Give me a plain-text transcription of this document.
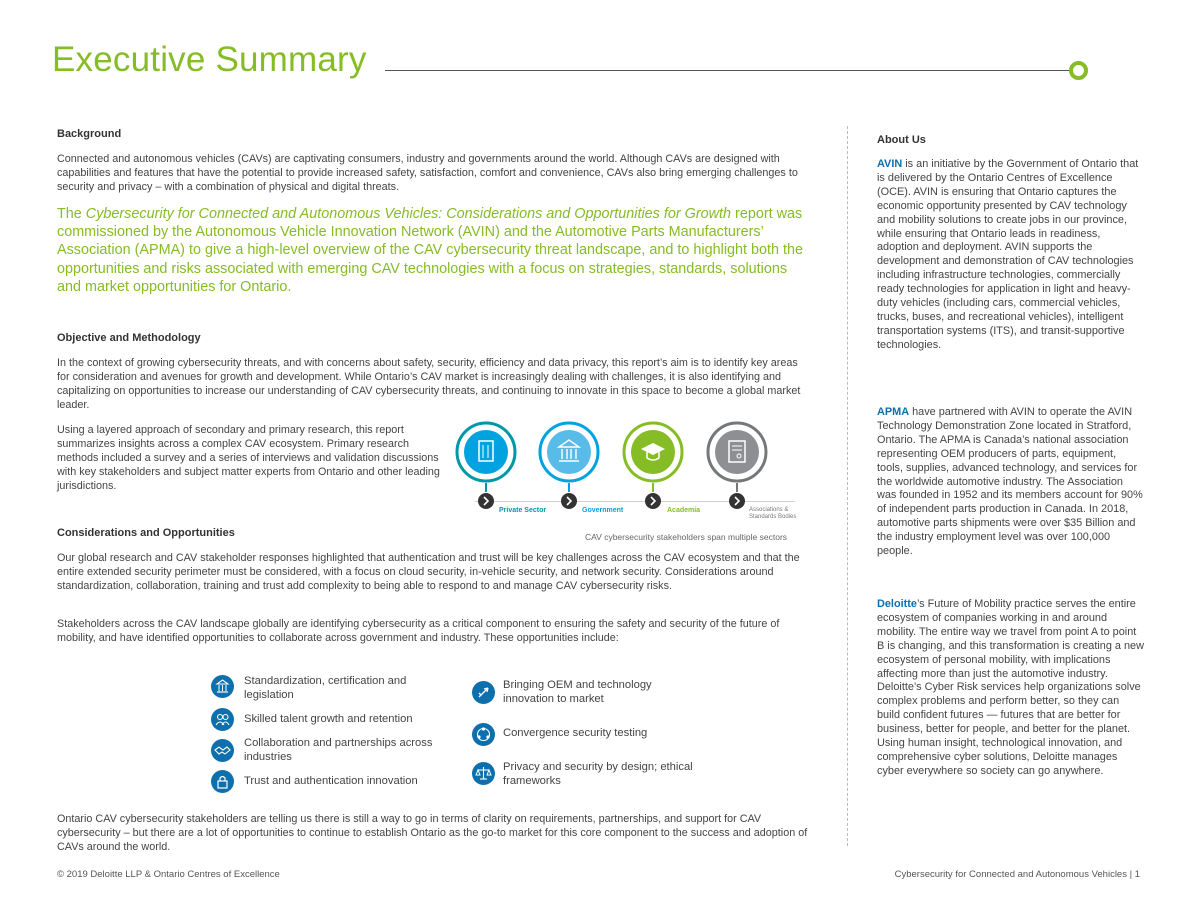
Executive Summary
Background

Connected and autonomous vehicles (CAVs) are captivating consumers, industry and governments around the world. Although CAVs are designed with capabilities and features that have the potential to provide increased safety, satisfaction, comfort and convenience, CAVs also bring emerging challenges to security and privacy – with a combination of physical and digital threats.

The Cybersecurity for Connected and Autonomous Vehicles: Considerations and Opportunities for Growth report was commissioned by the Autonomous Vehicle Innovation Network (AVIN) and the Automotive Parts Manufacturers’ Association (APMA) to give a high-level overview of the CAV cybersecurity threat landscape, and to highlight both the opportunities and risks associated with emerging CAV technologies with a focus on strategies, standards, solutions and market opportunities for Ontario.

Objective and Methodology

In the context of growing cybersecurity threats, and with concerns about safety, security, efficiency and data privacy, this report’s aim is to identify key areas for consideration and avenues for growth and development. While Ontario’s CAV market is increasingly dealing with challenges, it is also identifying and capitalizing on opportunities to increase our understanding of CAV cybersecurity threats, and continuing to innovate in this space to become a global market leader.

Using a layered approach of secondary and primary research, this report summarizes insights across a complex CAV ecosystem. Primary research methods included a survey and a series of interviews and validation discussions with key stakeholders and subject matter experts from Ontario and other leading jurisdictions.

Private Sector	Government	Academia	Associations & Standards Bodies
CAV cybersecurity stakeholders span multiple sectors
Considerations and Opportunities

Our global research and CAV stakeholder responses highlighted that authentication and trust will be key challenges across the CAV ecosystem and that the entire extended security perimeter must be considered, with a focus on cloud security, in-vehicle security, and network security. Considerations around standardization, collaboration, training and trust add complexity to being able to respond to and manage CAV cybersecurity risks.

Stakeholders across the CAV landscape globally are identifying cybersecurity as a critical component to ensuring the safety and security of the future of mobility, and have identified opportunities to collaborate across government and industry. These opportunities include:

Standardization, certification and legislation
Skilled talent growth and retention
Collaboration and partnerships across industries
Trust and authentication innovation
Bringing OEM and technology innovation to market
Convergence security testing
Privacy and security by design; ethical frameworks

Ontario CAV cybersecurity stakeholders are telling us there is still a way to go in terms of clarity on requirements, partnerships, and support for CAV cybersecurity – but there are a lot of opportunities to continue to establish Ontario as the go-to market for this core component to the success and adoption of CAVs around the world.

About Us

AVIN is an initiative by the Government of Ontario that is delivered by the Ontario Centres of Excellence (OCE). AVIN is ensuring that Ontario captures the economic opportunity presented by CAV technology and mobility solutions to create jobs in our province, while ensuring that Ontario leads in readiness, adoption and deployment. AVIN supports the development and demonstration of CAV technologies including infrastructure technologies, commercially ready technologies for application in light and heavy-duty vehicles (including cars, commercial vehicles, trucks, buses, and recreational vehicles), intelligent transportation systems (ITS), and transit-supportive technologies.

APMA have partnered with AVIN to operate the AVIN Technology Demonstration Zone located in Stratford, Ontario. The APMA is Canada’s national association representing OEM producers of parts, equipment, tools, supplies, advanced technology, and services for the worldwide automotive industry. The Association was founded in 1952 and its members account for 90% of independent parts production in Canada. In 2018, automotive parts shipments were over $35 Billion and the industry employment level was over 100,000 people.

Deloitte’s Future of Mobility practice serves the entire ecosystem of companies working in and around mobility. The entire way we travel from point A to point B is changing, and this transformation is creating a new ecosystem of personal mobility, with implications affecting more than just the automotive industry. Deloitte’s Cyber Risk services help organizations solve complex problems and perform better, so they can build confident futures — futures that are better for business, better for people, and better for the planet. Using human insight, technological innovation, and comprehensive cyber solutions, Deloitte manages cyber everywhere so society can go anywhere.

© 2019 Deloitte LLP & Ontario Centres of Excellence	Cybersecurity for Connected and Autonomous Vehicles | 1
